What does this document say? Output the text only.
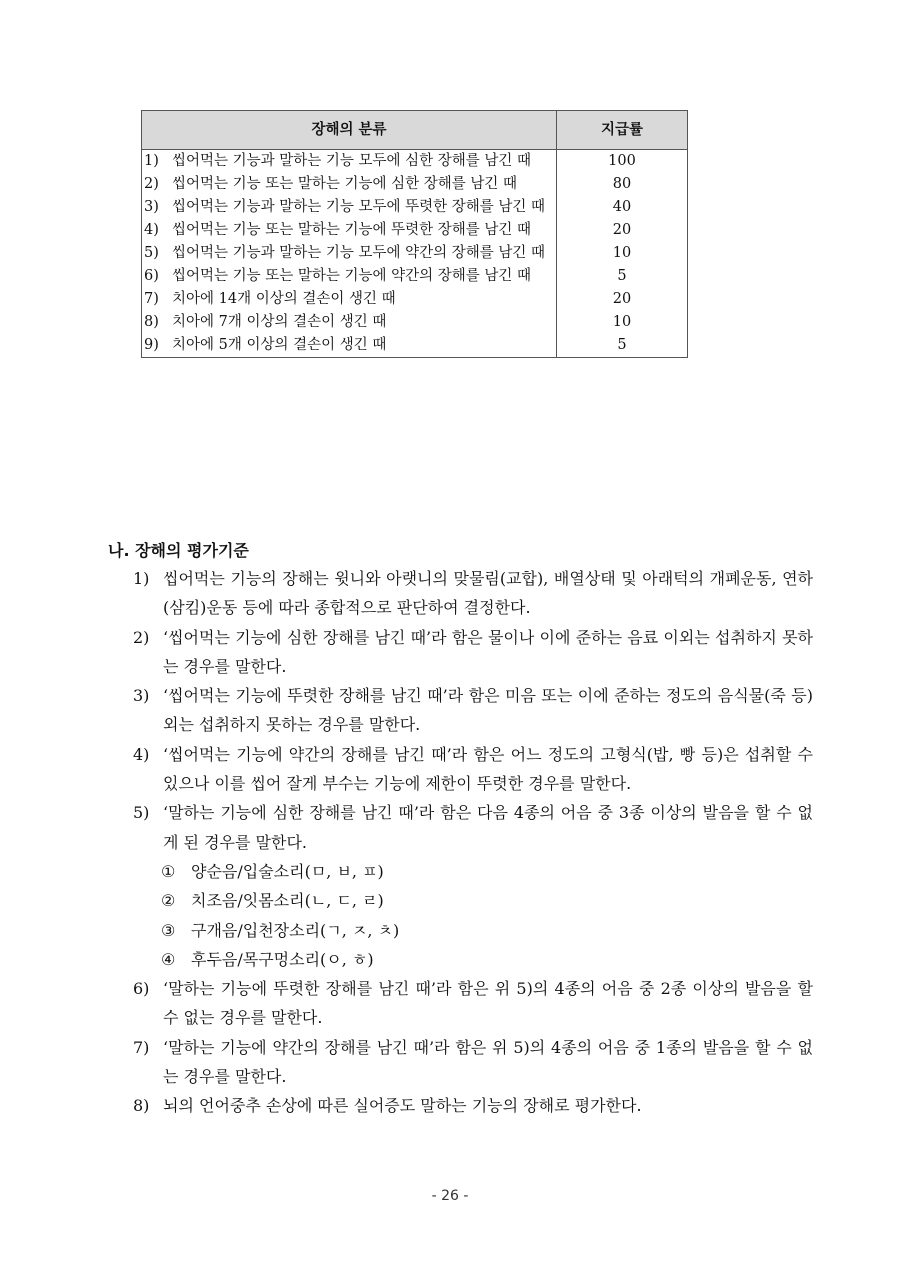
장해의 분류	지급률

1) 씹어먹는 기능과 말하는 기능 모두에 심한 장해를 남긴 때	100

2) 씹어먹는 기능 또는 말하는 기능에 심한 장해를 남긴 때	80

3) 씹어먹는 기능과 말하는 기능 모두에 뚜렷한 장해를 남긴 때	40

4) 씹어먹는 기능 또는 말하는 기능에 뚜렷한 장해를 남긴 때	20

5) 씹어먹는 기능과 말하는 기능 모두에 약간의 장해를 남긴 때	10

6) 씹어먹는 기능 또는 말하는 기능에 약간의 장해를 남긴 때	5

7) 치아에 14개 이상의 결손이 생긴 때	20

8) 치아에 7개 이상의 결손이 생긴 때	10

9) 치아에 5개 이상의 결손이 생긴 때	5
나. 장해의 평가기준
1) 씹어먹는 기능의 장해는 윗니와 아랫니의 맞물림(교합), 배열상태 및 아래턱의 개폐운동, 연하(삼킴)운동 등에 따라 종합적으로 판단하여 결정한다.
2) ‘씹어먹는 기능에 심한 장해를 남긴 때’라 함은 물이나 이에 준하는 음료 이외는 섭취하지 못하는 경우를 말한다.
3) ‘씹어먹는 기능에 뚜렷한 장해를 남긴 때’라 함은 미음 또는 이에 준하는 정도의 음식물(죽 등) 외는 섭취하지 못하는 경우를 말한다.
4) ‘씹어먹는 기능에 약간의 장해를 남긴 때’라 함은 어느 정도의 고형식(밥, 빵 등)은 섭취할 수 있으나 이를 씹어 잘게 부수는 기능에 제한이 뚜렷한 경우를 말한다.
5) ‘말하는 기능에 심한 장해를 남긴 때’라 함은 다음 4종의 어음 중 3종 이상의 발음을 할 수 없게 된 경우를 말한다.
① 양순음/입술소리(ㅁ, ㅂ, ㅍ)
② 치조음/잇몸소리(ㄴ, ㄷ, ㄹ)
③ 구개음/입천장소리(ㄱ, ㅈ, ㅊ)
④ 후두음/목구멍소리(ㅇ, ㅎ)
6) ‘말하는 기능에 뚜렷한 장해를 남긴 때’라 함은 위 5)의 4종의 어음 중 2종 이상의 발음을 할 수 없는 경우를 말한다.
7) ‘말하는 기능에 약간의 장해를 남긴 때’라 함은 위 5)의 4종의 어음 중 1종의 발음을 할 수 없는 경우를 말한다.
8) 뇌의 언어중추 손상에 따른 실어증도 말하는 기능의 장해로 평가한다.
- 26 -
